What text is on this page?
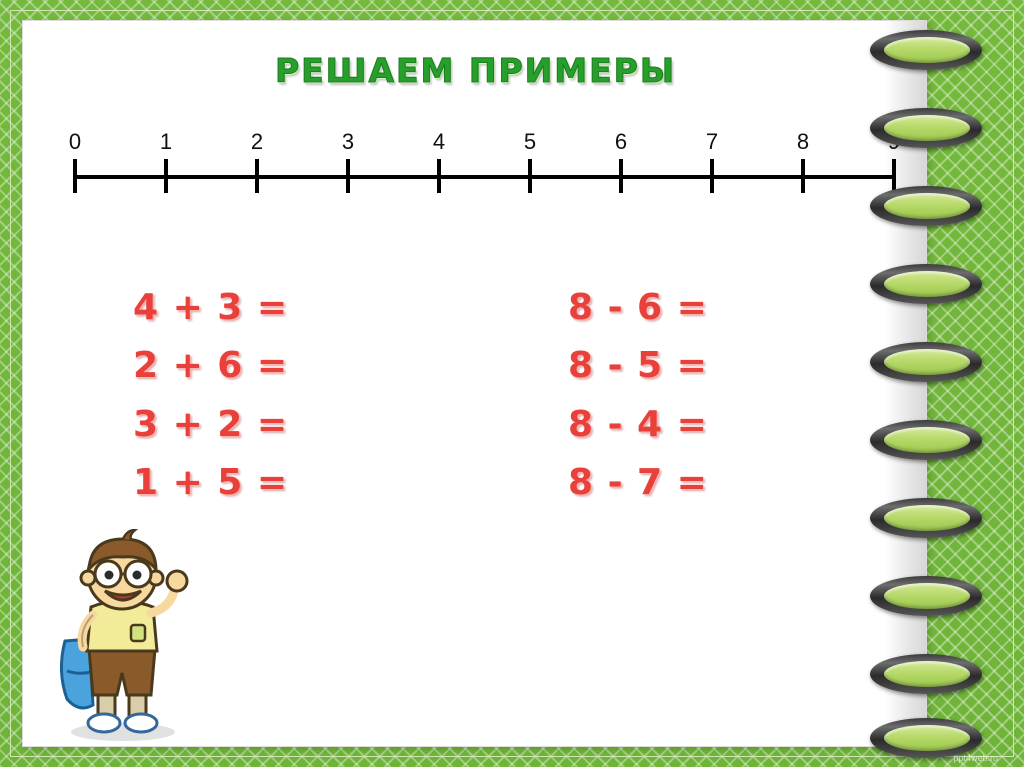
РЕШАЕМ ПРИМЕРЫ
0	1	2	3	4	5	6	7	8
4 + 3 =
2 + 6 =
3 + 2 =
1 + 5 =
8 - 6 =
8 - 5 =
8 - 4 =
8 - 7 =
ppt4web.ru
